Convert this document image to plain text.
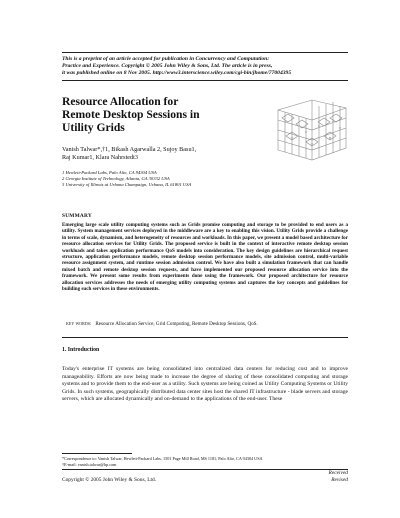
This is a preprint of an article accepted for publication in Concurrency and Computation:
Practice and Experience. Copyright © 2005 John Wiley & Sons, Ltd. The article is in press,
it was published online on 8 Nov 2005. http://www3.interscience.wiley.com/cgi-bin/jhome/77004395
Resource Allocation for
Remote Desktop Sessions in
Utility Grids
Vanish Talwar*,†1, Bikash Agarwalla 2, Sujoy Basu1,
Raj Kumar1, Klara Nahrstedt3
1 Hewlett-Packard Labs, Palo Alto, CA 94304 USA
2 Georgia Institute of Technology, Atlanta, GA 30332 USA
3 University of Illinois at Urbana Champaign, Urbana, IL 61801 USA
SUMMARY
Emerging large scale utility computing systems such as Grids promise computing and storage to be provided to end users as a utility. System management services deployed in the middleware are a key to enabling this vision. Utility Grids provide a challenge in terms of scale, dynamism, and heterogeneity of resources and workloads. In this paper, we present a model based architecture for resource allocation services for Utility Grids. The proposed service is built in the context of interactive remote desktop session workloads and takes application performance QoS models into consideration. The key design guidelines are hierarchical request structure, application performance models, remote desktop session performance models, site admission control, multi-variable resource assignment system, and runtime session admission control. We have also built a simulation framework that can handle mixed batch and remote desktop session requests, and have implemented our proposed resource allocation service into the framework. We present some results from experiments done using the framework. Our proposed architecture for resource allocation services addresses the needs of emerging utility computing systems and captures the key concepts and guidelines for building such services in these environments.
key words: Resource Allocation Service, Grid Computing, Remote Desktop Sessions, QoS.
1. Introduction
Today's enterprise IT systems are being consolidated into centralized data centers for reducing cost and to improve manageability. Efforts are now being made to increase the degree of sharing of these consolidated computing and storage systems and to provide them to the end-user as a utility. Such systems are being coined as Utility Computing Systems or Utility Grids. In such systems, geographically distributed data center sites host the shared IT infrastructure - blade servers and storage servers, which are allocated dynamically and on-demand to the applications of the end-user. These
*Correspondence to: Vanish Talwar, Hewlett-Packard Labs, 1501 Page Mill Road, MS 1181, Palo Alto, CA 94304 USA
†E-mail: vanish.talwar@hp.com
Copyright © 2005 John Wiley & Sons, Ltd.
Received
Revised
